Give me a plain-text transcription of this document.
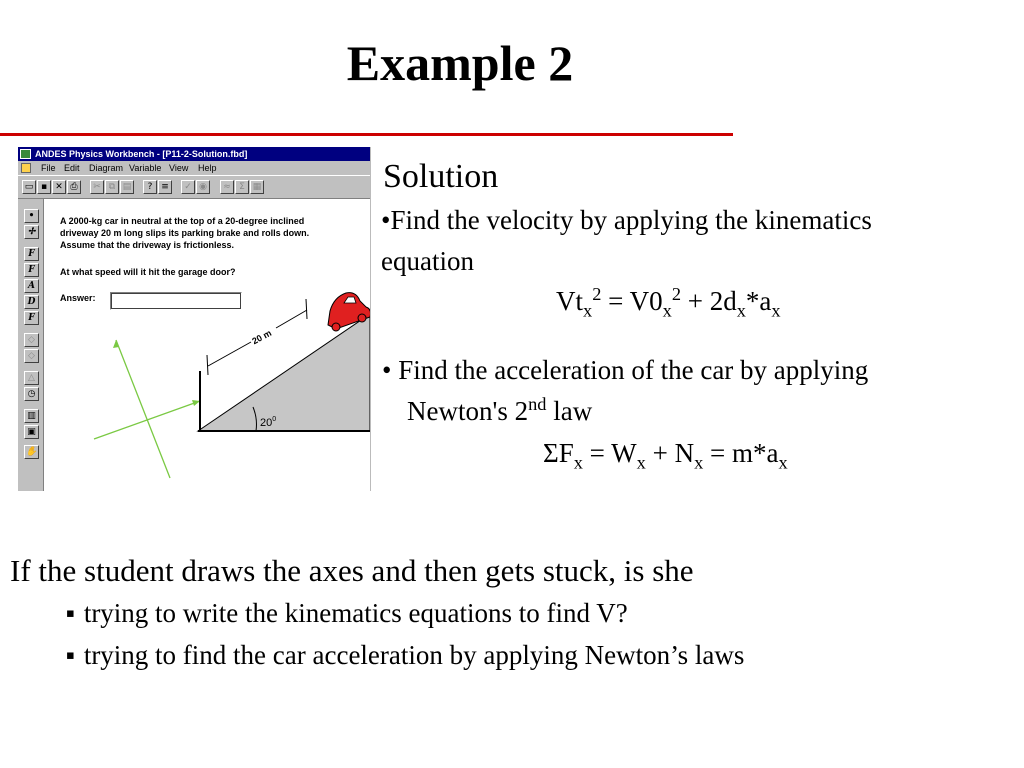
Example 2
ANDES Physics Workbench - [P11-2-Solution.fbd]
File Edit Diagram Variable View Help
▭ ▪ ✕ ⎙	✂ ⧉ ▤	? ≡	✓ ◉	≈ Σ ▦
•
✢
F
F
A
D
F
◇
◇
△
◷
▥
▣
✋
A 2000-kg car in neutral at the top of a 20-degree inclined
driveway 20 m long slips its parking brake and rolls down.
Assume that the driveway is frictionless.
At what speed will it hit the garage door?
Answer:
20 m
$20^0$
Solution
•Find the velocity by applying the kinematics
equation
$Vt_x^2 = V0_x^2 + 2d_x*a_x$
• Find the acceleration of the car by applying
Newton's 2nd law
$\Sigma F_x = W_x + N_x = m*a_x$
If the student draws the axes and then gets stuck, is she
▪ trying to write the kinematics equations to find V?
▪ trying to find the car acceleration by applying Newton’s laws
